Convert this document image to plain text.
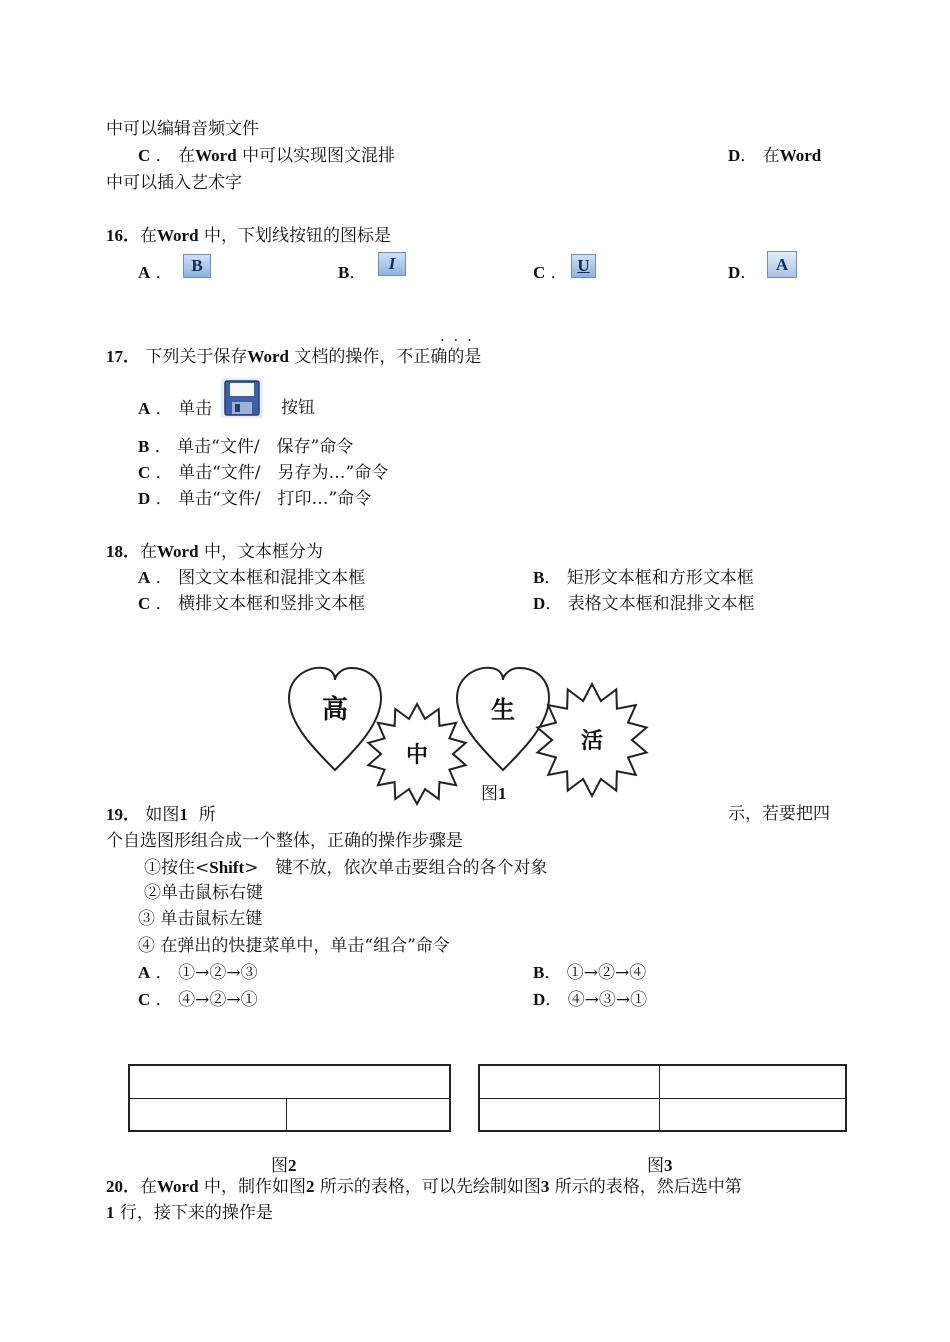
中可以编辑音频文件
C ． 在Word 中可以实现图文混排	D． 在Word
中可以插入艺术字
16．在Word 中，下划线按钮的图标是
A ．	B	B．	I	C ． U	D．	A
· · ·
17． 下列关于保存Word 文档的操作，不正确的是
A ． 单击	按钮
B ． 单击“文件/　保存”命令
C ． 单击“文件/　另存为…”命令
D ． 单击“文件/　打印…”命令
18．在Word 中，文本框分为
A ． 图文文本框和混排文本框	B． 矩形文本框和方形文本框
C ． 横排文本框和竖排文本框	D． 表格文本框和混排文本框
高
中
生
活
图1
19． 如图1 所	示，若要把四
个自选图形组合成一个整体，正确的操作步骤是
①按住<Shift>　键不放，依次单击要组合的各个对象
②单击鼠标右键
③ 单击鼠标左键
④ 在弹出的快捷菜单中，单击“组合”命令
A ． ①→②→③	B． ①→②→④
C ． ④→②→①	D． ④→③→①
图2	图3
20．在Word 中，制作如图2 所示的表格，可以先绘制如图3 所示的表格，然后选中第
1 行，接下来的操作是
